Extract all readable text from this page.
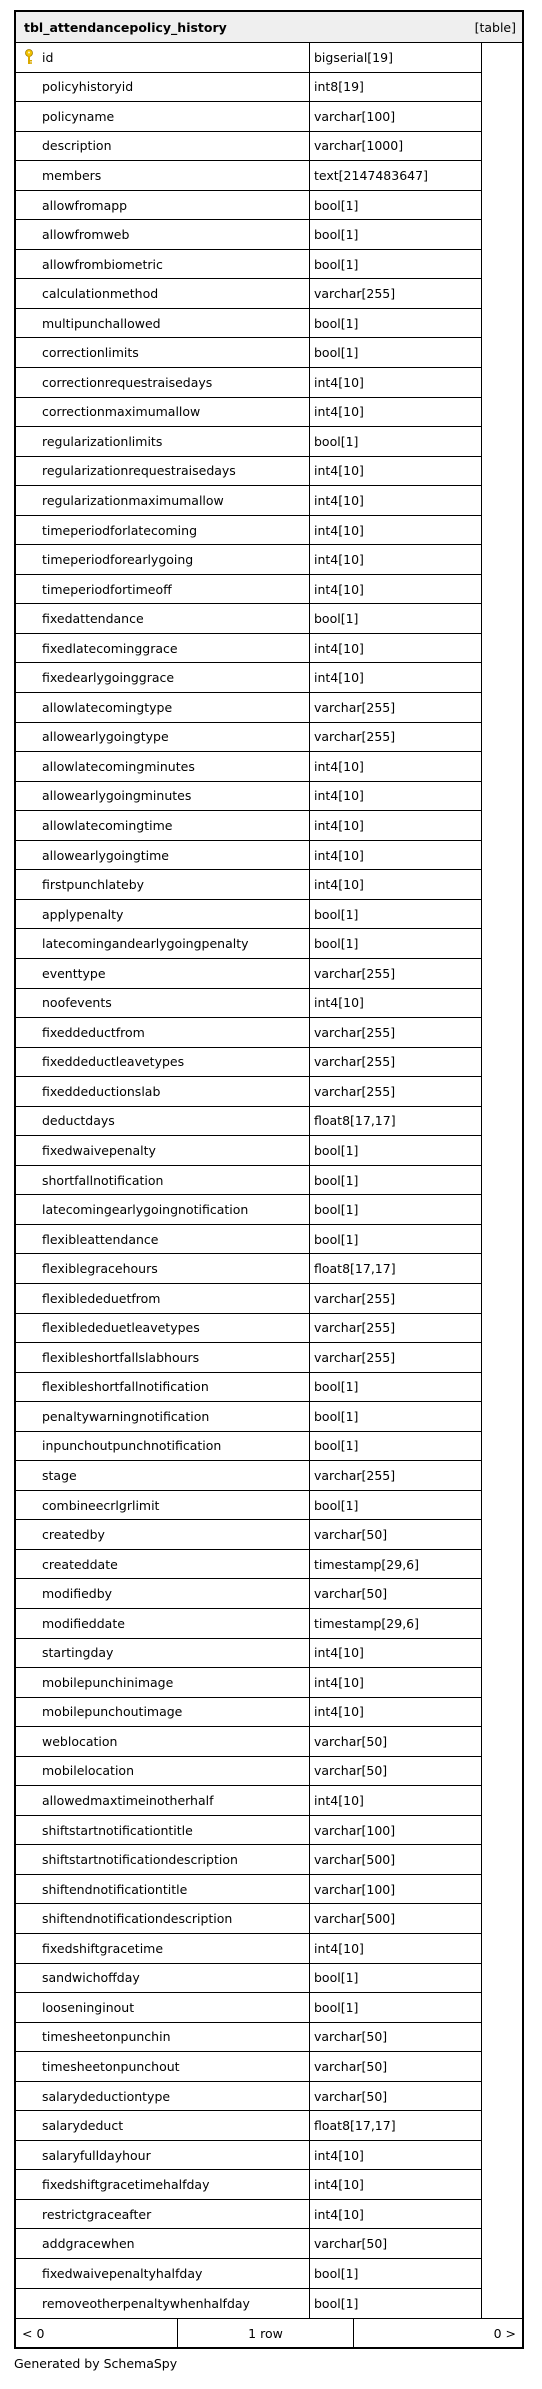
tbl_attendancepolicy_history	[table]
id	bigserial[19]
policyhistoryid	int8[19]
policyname	varchar[100]
description	varchar[1000]
members	text[2147483647]
allowfromapp	bool[1]
allowfromweb	bool[1]
allowfrombiometric	bool[1]
calculationmethod	varchar[255]
multipunchallowed	bool[1]
correctionlimits	bool[1]
correctionrequestraisedays	int4[10]
correctionmaximumallow	int4[10]
regularizationlimits	bool[1]
regularizationrequestraisedays	int4[10]
regularizationmaximumallow	int4[10]
timeperiodforlatecoming	int4[10]
timeperiodforearlygoing	int4[10]
timeperiodfortimeoff	int4[10]
fixedattendance	bool[1]
fixedlatecominggrace	int4[10]
fixedearlygoinggrace	int4[10]
allowlatecomingtype	varchar[255]
allowearlygoingtype	varchar[255]
allowlatecomingminutes	int4[10]
allowearlygoingminutes	int4[10]
allowlatecomingtime	int4[10]
allowearlygoingtime	int4[10]
firstpunchlateby	int4[10]
applypenalty	bool[1]
latecomingandearlygoingpenalty	bool[1]
eventtype	varchar[255]
noofevents	int4[10]
fixeddeductfrom	varchar[255]
fixeddeductleavetypes	varchar[255]
fixeddeductionslab	varchar[255]
deductdays	float8[17,17]
fixedwaivepenalty	bool[1]
shortfallnotification	bool[1]
latecomingearlygoingnotification	bool[1]
flexibleattendance	bool[1]
flexiblegracehours	float8[17,17]
flexiblededuetfrom	varchar[255]
flexiblededuetleavetypes	varchar[255]
flexibleshortfallslabhours	varchar[255]
flexibleshortfallnotification	bool[1]
penaltywarningnotification	bool[1]
inpunchoutpunchnotification	bool[1]
stage	varchar[255]
combineecrlgrlimit	bool[1]
createdby	varchar[50]
createddate	timestamp[29,6]
modifiedby	varchar[50]
modifieddate	timestamp[29,6]
startingday	int4[10]
mobilepunchinimage	int4[10]
mobilepunchoutimage	int4[10]
weblocation	varchar[50]
mobilelocation	varchar[50]
allowedmaxtimeinotherhalf	int4[10]
shiftstartnotificationtitle	varchar[100]
shiftstartnotificationdescription	varchar[500]
shiftendnotificationtitle	varchar[100]
shiftendnotificationdescription	varchar[500]
fixedshiftgracetime	int4[10]
sandwichoffday	bool[1]
looseninginout	bool[1]
timesheetonpunchin	varchar[50]
timesheetonpunchout	varchar[50]
salarydeductiontype	varchar[50]
salarydeduct	float8[17,17]
salaryfulldayhour	int4[10]
fixedshiftgracetimehalfday	int4[10]
restrictgraceafter	int4[10]
addgracewhen	varchar[50]
fixedwaivepenaltyhalfday	bool[1]
removeotherpenaltywhenhalfday	bool[1]
< 0	1 row	0 >
Generated by SchemaSpy
